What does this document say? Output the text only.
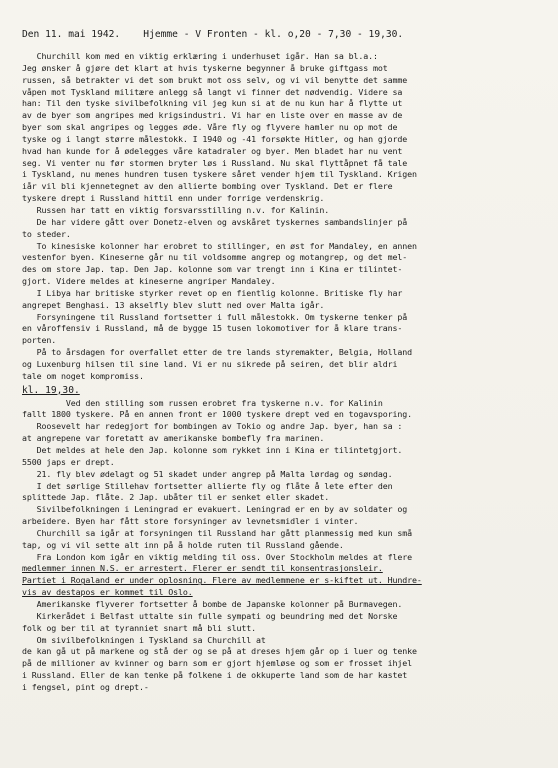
Den 11. mai 1942.    Hjemme - V Fronten - kl. o,20 - 7,30 - 19,30.
Churchill kom med en viktig erklæring i underhuset igår. Han sa bl.a.:
Jeg ønsker å gjøre det klart at hvis tyskerne begynner å bruke giftgass mot
russen, så betrakter vi det som brukt mot oss selv, og vi vil benytte det samme
våpen mot Tyskland militære anlegg så langt vi finner det nødvendig. Videre sa
han: Til den tyske sivilbefolkning vil jeg kun si at de nu kun har å flytte ut
av de byer som angripes med krigsindustri. Vi har en liste over en masse av de
byer som skal angripes og legges øde. Våre fly og flyvere hamler nu op mot de
tyske og i langt større målestokk. I 1940 og -41 forsøkte Hitler, og han gjorde
hvad han kunde for å ødelegges våre katadraler og byer. Men bladet har nu vent
seg. Vi venter nu før stormen bryter løs i Russland. Nu skal flyttåpnet få tale
i Tyskland, nu menes hundren tusen tyskere såret vender hjem til Tyskland. Krigen
iår vil bli kjennetegnet av den allierte bombing over Tyskland. Det er flere
tyskere drept i Russland hittil enn under forrige verdenskrig.
Russen har tatt en viktig forsvarsstilling n.v. for Kalinin.
De har videre gått over Donetz-elven og avskåret tyskernes sambandslinjer på
to steder.
To kinesiske kolonner har erobret to stillinger, en øst for Mandaley, en annen
vestenfor byen. Kineserne går nu til voldsomme angrep og motangrep, og det mel-
des om store Jap. tap. Den Jap. kolonne som var trengt inn i Kina er tilintet-
gjort. Videre meldes at kineserne angriper Mandaley.
I Libya har britiske styrker revet op en fientlig kolonne. Britiske fly har
angrepet Benghasi. 13 akselfly blev slutt ned over Malta igår.
Forsyningene til Russland fortsetter i full målestokk. Om tyskerne tenker på
en våroffensiv i Russland, må de bygge 15 tusen lokomotiver for å klare trans-
porten.
På to årsdagen for overfallet etter de tre lands styremakter, Belgia, Holland
og Luxenburg hilsen til sine land. Vi er nu sikrede på seiren, det blir aldri
tale om noget kompromiss.
kl. 19,30.
Ved den stilling som russen erobret fra tyskerne n.v. for Kalinin
fallt 1800 tyskere. På en annen front er 1000 tyskere drept ved en togavsporing.
Roosevelt har redegjort for bombingen av Tokio og andre Jap. byer, han sa :
at angrepene var foretatt av amerikanske bombefly fra marinen.
Det meldes at hele den Jap. kolonne som rykket inn i Kina er tilintetgjort.
5500 japs er drept.
21. fly blev ødelagt og 51 skadet under angrep på Malta lørdag og søndag.
I det sørlige Stillehav fortsetter allierte fly og flåte å lete efter den
splittede Jap. flåte. 2 Jap. ubåter til er senket eller skadet.
Sivilbefolkningen i Leningrad er evakuert. Leningrad er en by av soldater og
arbeidere. Byen har fått store forsyninger av levnetsmidler i vinter.
Churchill sa igår at forsyningen til Russland har gått planmessig med kun små
tap, og vi vil sette alt inn på å holde ruten til Russland gående.
Fra London kom igår en viktig melding til oss. Over Stockholm meldes at flere
medlemmer innen N.S. er arrestert. Flerer er sendt til konsentrasjonsleir.
Partiet i Rogaland er under oplosning. Flere av medlemmene er s-kiftet ut. Hundre-
vis av destapos er kommet til Oslo.
Amerikanske flyverer fortsetter å bombe de Japanske kolonner på Burmavegen.
Kirkerådet i Belfast uttalte sin fulle sympati og beundring med det Norske
folk og ber til at tyranniet snart må bli slutt.
Om sivilbefolkningen i Tyskland sa Churchill at
de kan gå ut på markene og stå der og se på at dreses hjem går op i luer og tenke
på de millioner av kvinner og barn som er gjort hjemløse og som er frosset ihjel
i Russland. Eller de kan tenke på folkene i de okkuperte land som de har kastet
i fengsel, pint og drept.-
